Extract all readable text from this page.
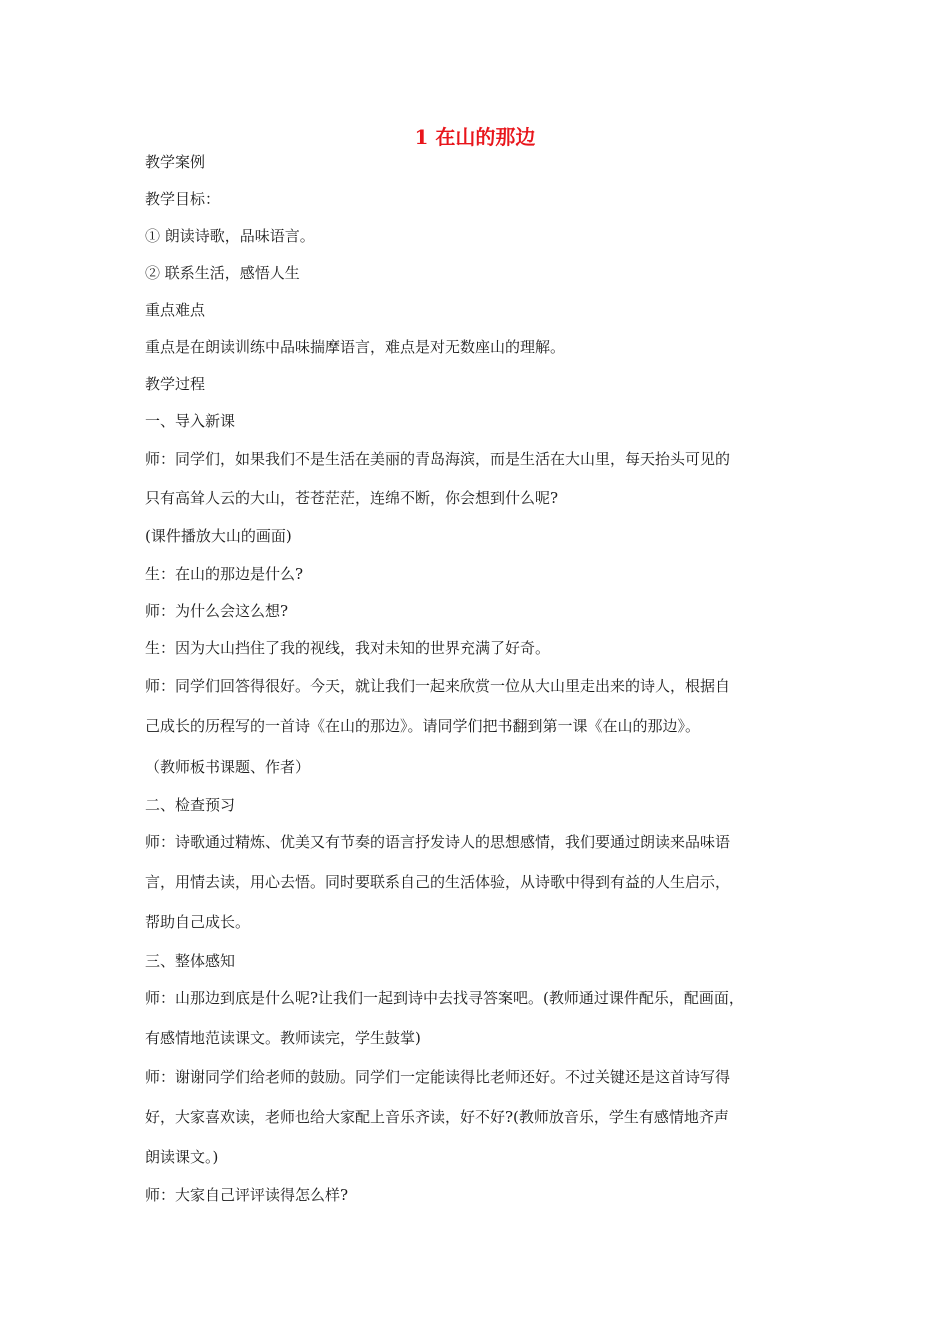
1 在山的那边
教学案例
教学目标：
① 朗读诗歌，品味语言。
② 联系生活，感悟人生
重点难点
重点是在朗读训练中品味揣摩语言，难点是对无数座山的理解。
教学过程
一、导入新课
师：同学们，如果我们不是生活在美丽的青岛海滨，而是生活在大山里，每天抬头可见的
只有高耸人云的大山，苍苍茫茫，连绵不断，你会想到什么呢?
(课件播放大山的画面)
生：在山的那边是什么?
师：为什么会这么想?
生：因为大山挡住了我的视线，我对未知的世界充满了好奇。
师：同学们回答得很好。今天，就让我们一起来欣赏一位从大山里走出来的诗人，根据自
己成长的历程写的一首诗《在山的那边》。请同学们把书翻到第一课《在山的那边》。
（教师板书课题、作者）
二、检查预习
师：诗歌通过精炼、优美又有节奏的语言抒发诗人的思想感情，我们要通过朗读来品味语
言，用情去读，用心去悟。同时要联系自己的生活体验，从诗歌中得到有益的人生启示，
帮助自己成长。
三、整体感知
师：山那边到底是什么呢?让我们一起到诗中去找寻答案吧。(教师通过课件配乐，配画面，
有感情地范读课文。教师读完，学生鼓掌)
师：谢谢同学们给老师的鼓励。同学们一定能读得比老师还好。不过关键还是这首诗写得
好，大家喜欢读，老师也给大家配上音乐齐读，好不好?(教师放音乐，学生有感情地齐声
朗读课文。)
师：大家自己评评读得怎么样?
